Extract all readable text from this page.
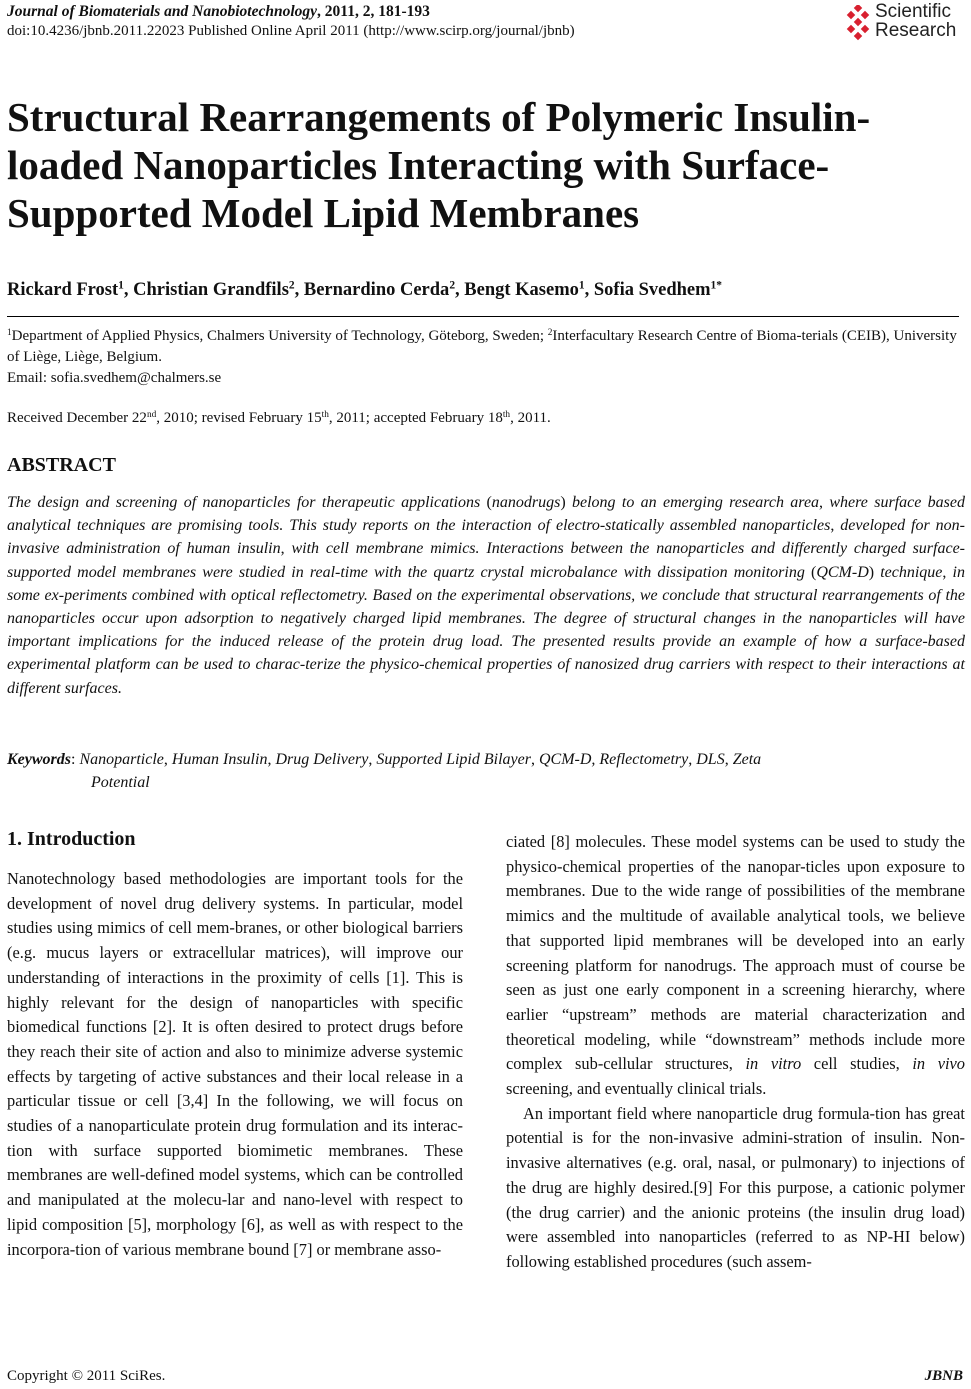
Journal of Biomaterials and Nanobiotechnology, 2011, 2, 181-193
doi:10.4236/jbnb.2011.22023 Published Online April 2011 (http://www.scirp.org/journal/jbnb)
Scientific
Research
Structural Rearrangements of Polymeric Insulin-loaded Nanoparticles Interacting with Surface-Supported Model Lipid Membranes
Rickard Frost$^1$, Christian Grandfils$^2$, Bernardino Cerda$^2$, Bengt Kasemo$^1$, Sofia Svedhem$^{1*}$
$^1$Department of Applied Physics, Chalmers University of Technology, Göteborg, Sweden; $^2$Interfacultary Research Centre of Bioma-terials (CEIB), University of Liège, Liège, Belgium.
Email: sofia.svedhem@chalmers.se
Received December 22nd, 2010; revised February 15th, 2011; accepted February 18th, 2011.
ABSTRACT
The design and screening of nanoparticles for therapeutic applications (nanodrugs) belong to an emerging research area, where surface based analytical techniques are promising tools. This study reports on the interaction of electro-statically assembled nanoparticles, developed for non-invasive administration of human insulin, with cell membrane mimics. Interactions between the nanoparticles and differently charged surface-supported model membranes were studied in real-time with the quartz crystal microbalance with dissipation monitoring (QCM-D) technique, in some ex-periments combined with optical reflectometry. Based on the experimental observations, we conclude that structural rearrangements of the nanoparticles occur upon adsorption to negatively charged lipid membranes. The degree of structural changes in the nanoparticles will have important implications for the induced release of the protein drug load. The presented results provide an example of how a surface-based experimental platform can be used to charac-terize the physico-chemical properties of nanosized drug carriers with respect to their interactions at different surfaces.
Keywords: Nanoparticle, Human Insulin, Drug Delivery, Supported Lipid Bilayer, QCM-D, Reflectometry, DLS, Zeta
Potential
1. Introduction

Nanotechnology based methodologies are important tools for the development of novel drug delivery systems. In particular, model studies using mimics of cell mem-branes, or other biological barriers (e.g. mucus layers or extracellular matrices), will improve our understanding of interactions in the proximity of cells [1]. This is highly relevant for the design of nanoparticles with specific biomedical functions [2]. It is often desired to protect drugs before they reach their site of action and also to minimize adverse systemic effects by targeting of active substances and their local release in a particular tissue or cell [3,4] In the following, we will focus on studies of a nanoparticulate protein drug formulation and its interac-tion with surface supported biomimetic membranes. These membranes are well-defined model systems, which can be controlled and manipulated at the molecu-lar and nano-level with respect to lipid composition [5], morphology [6], as well as with respect to the incorpora-tion of various membrane bound [7] or membrane asso-

ciated [8] molecules. These model systems can be used to study the physico-chemical properties of the nanopar-ticles upon exposure to membranes. Due to the wide range of possibilities of the membrane mimics and the multitude of available analytical tools, we believe that supported lipid membranes will be developed into an early screening platform for nanodrugs. The approach must of course be seen as just one early component in a screening hierarchy, where earlier “upstream” methods are material characterization and theoretical modeling, while “downstream” methods include more complex sub-cellular structures, in vitro cell studies, in vivo screening, and eventually clinical trials.

An important field where nanoparticle drug formula-tion has great potential is for the non-invasive admini-stration of insulin. Non-invasive alternatives (e.g. oral, nasal, or pulmonary) to injections of the drug are highly desired.[9] For this purpose, a cationic polymer (the drug carrier) and the anionic proteins (the insulin drug load) were assembled into nanoparticles (referred to as NP-HI below) following established procedures (such assem-

Copyright © 2011 SciRes.	JBNB
